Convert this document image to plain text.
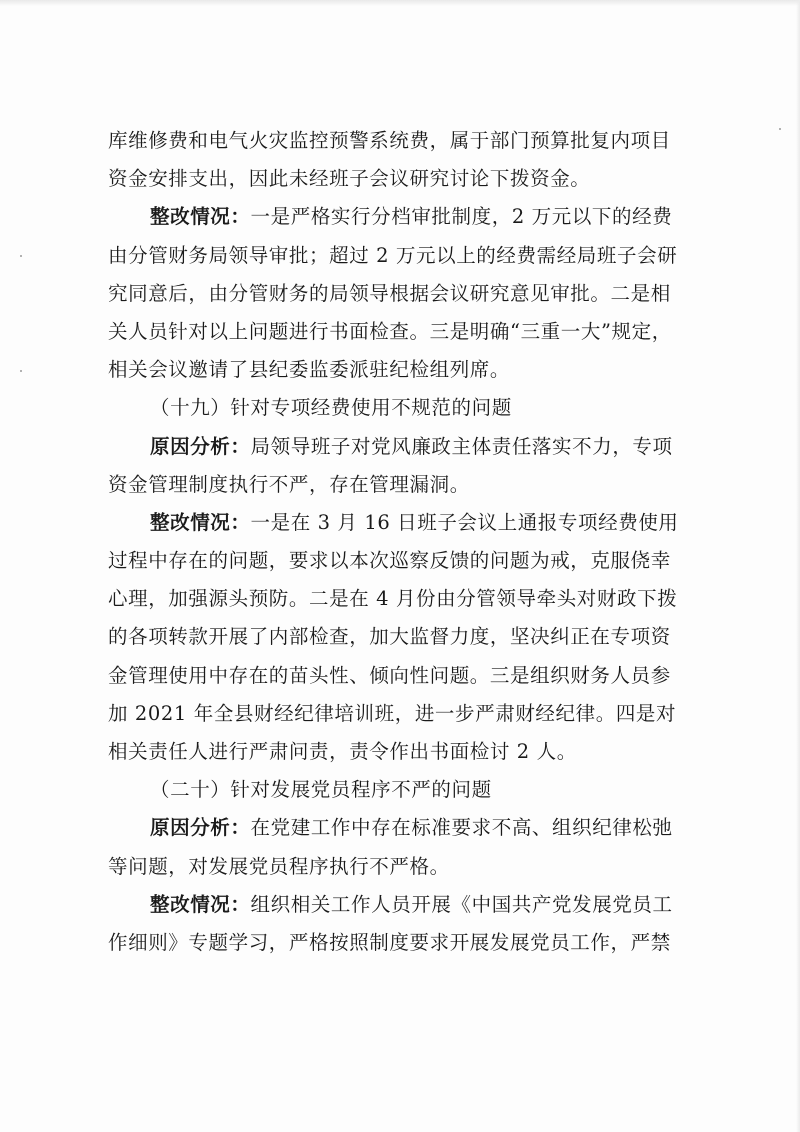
库维修费和电气火灾监控预警系统费，属于部门预算批复内项目
资金安排支出，因此未经班子会议研究讨论下拨资金。
整改情况：一是严格实行分档审批制度，2 万元以下的经费
由分管财务局领导审批；超过 2 万元以上的经费需经局班子会研
究同意后，由分管财务的局领导根据会议研究意见审批。二是相
关人员针对以上问题进行书面检查。三是明确“三重一大”规定，
相关会议邀请了县纪委监委派驻纪检组列席。
（十九）针对专项经费使用不规范的问题
原因分析：局领导班子对党风廉政主体责任落实不力，专项
资金管理制度执行不严，存在管理漏洞。
整改情况：一是在 3 月 16 日班子会议上通报专项经费使用
过程中存在的问题，要求以本次巡察反馈的问题为戒，克服侥幸
心理，加强源头预防。二是在 4 月份由分管领导牵头对财政下拨
的各项转款开展了内部检查，加大监督力度，坚决纠正在专项资
金管理使用中存在的苗头性、倾向性问题。三是组织财务人员参
加 2021 年全县财经纪律培训班，进一步严肃财经纪律。四是对
相关责任人进行严肃问责，责令作出书面检讨 2 人。
（二十）针对发展党员程序不严的问题
原因分析：在党建工作中存在标准要求不高、组织纪律松弛
等问题，对发展党员程序执行不严格。
整改情况：组织相关工作人员开展《中国共产党发展党员工
作细则》专题学习，严格按照制度要求开展发展党员工作，严禁
